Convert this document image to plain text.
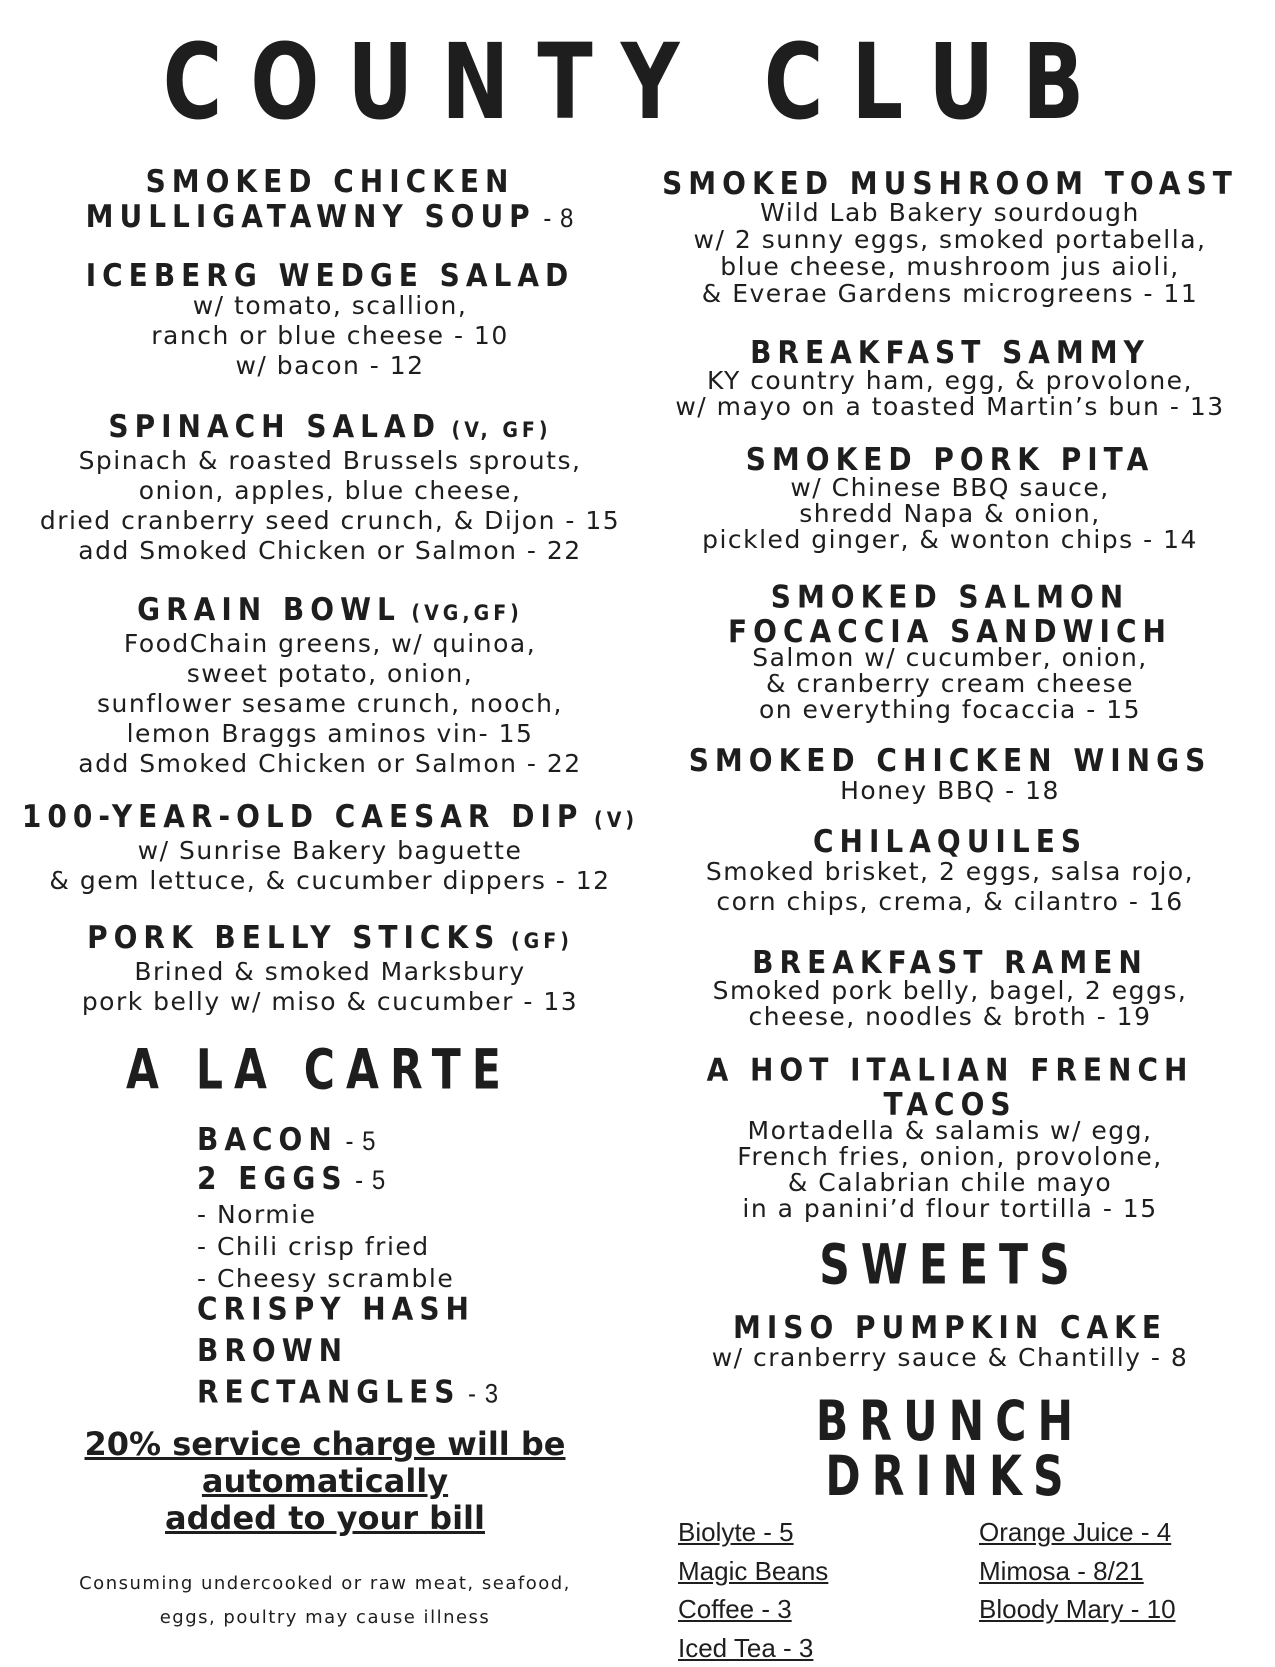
COUNTY CLUB
SMOKED CHICKEN
MULLIGATAWNY SOUP - 8
ICEBERG WEDGE SALAD
w/ tomato, scallion,
ranch or blue cheese - 10
w/ bacon - 12
SPINACH SALAD (V, GF)
Spinach & roasted Brussels sprouts,
onion, apples, blue cheese,
dried cranberry seed crunch, & Dijon - 15
add Smoked Chicken or Salmon - 22
GRAIN BOWL (VG,GF)
FoodChain greens, w/ quinoa,
sweet potato, onion,
sunflower sesame crunch, nooch,
lemon Braggs aminos vin- 15
add Smoked Chicken or Salmon - 22
100-YEAR-OLD CAESAR DIP (V)
w/ Sunrise Bakery baguette
& gem lettuce, & cucumber dippers - 12
PORK BELLY STICKS (GF)
Brined & smoked Marksbury
pork belly w/ miso & cucumber - 13
A LA CARTE
BACON - 5
2 EGGS - 5
- Normie
- Chili crisp fried
- Cheesy scramble
CRISPY HASH BROWN
RECTANGLES - 3
20% service charge will be
automatically
added to your bill
Consuming undercooked or raw meat, seafood,
eggs, poultry may cause illness
SMOKED MUSHROOM TOAST
Wild Lab Bakery sourdough
w/ 2 sunny eggs, smoked portabella,
blue cheese, mushroom jus aioli,
& Everae Gardens microgreens - 11
BREAKFAST SAMMY
KY country ham, egg, & provolone,
w/ mayo on a toasted Martin’s bun - 13
SMOKED PORK PITA
w/ Chinese BBQ sauce,
shredd Napa & onion,
pickled ginger, & wonton chips - 14
SMOKED SALMON
FOCACCIA SANDWICH
Salmon w/ cucumber, onion,
& cranberry cream cheese
on everything focaccia - 15
SMOKED CHICKEN WINGS
Honey BBQ - 18
CHILAQUILES
Smoked brisket, 2 eggs, salsa rojo,
corn chips, crema, & cilantro - 16
BREAKFAST RAMEN
Smoked pork belly, bagel, 2 eggs,
cheese, noodles & broth - 19
A HOT ITALIAN FRENCH TACOS
Mortadella & salamis w/ egg,
French fries, onion, provolone,
& Calabrian chile mayo
in a panini’d flour tortilla - 15
SWEETS
MISO PUMPKIN CAKE
w/ cranberry sauce & Chantilly - 8
BRUNCH DRINKS
Biolyte - 5
Magic Beans
Coffee - 3
Iced Tea - 3
Orange Juice - 4
Mimosa - 8/21
Bloody Mary - 10
